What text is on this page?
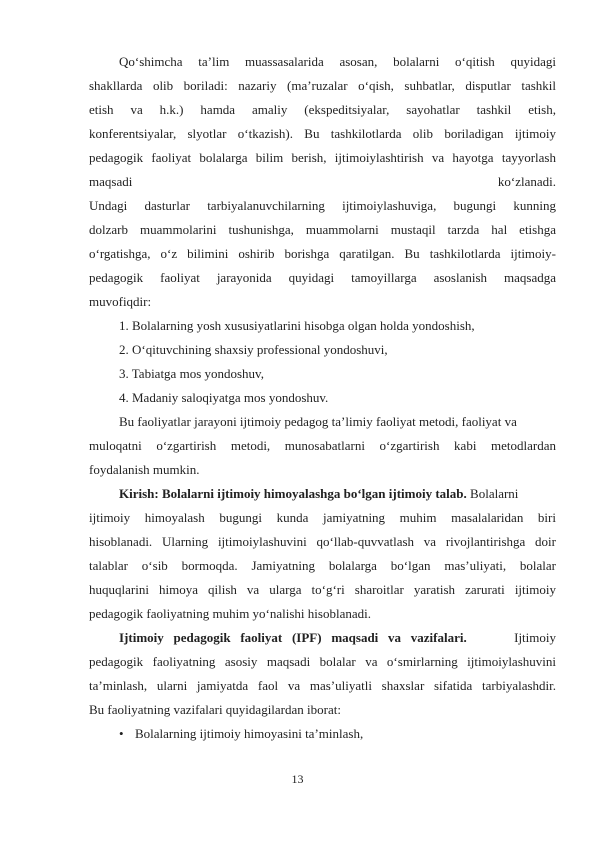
Qo‘shimcha ta’lim muassasalarida asosan, bolalarni o‘qitish quyidagi
shakllarda olib boriladi: nazariy (ma’ruzalar o‘qish, suhbatlar, disputlar tashkil
etish va h.k.) hamda amaliy (ekspeditsiyalar, sayohatlar tashkil etish,
konferentsiyalar, slyotlar o‘tkazish). Bu tashkilotlarda olib boriladigan ijtimoiy
pedagogik faoliyat bolalarga bilim berish, ijtimoiylashtirish va hayotga tayyorlash
maqsadi	ko‘zlanadi.
Undagi dasturlar tarbiyalanuvchilarning ijtimoiylashuviga, bugungi kunning
dolzarb muammolarini tushunishga, muammolarni mustaqil tarzda hal etishga
o‘rgatishga, o‘z bilimini oshirib borishga qaratilgan. Bu tashkilotlarda ijtimoiy-
pedagogik faoliyat jarayonida quyidagi tamoyillarga asoslanish maqsadga
muvofiqdir:
1. Bolalarning yosh xususiyatlarini hisobga olgan holda yondoshish,
2. O‘qituvchining shaxsiy professional yondoshuvi,
3. Tabiatga mos yondoshuv,
4. Madaniy saloqiyatga mos yondoshuv.
Bu faoliyatlar jarayoni ijtimoiy pedagog ta’limiy faoliyat metodi, faoliyat va
muloqatni o‘zgartirish metodi, munosabatlarni o‘zgartirish kabi metodlardan
foydalanish mumkin.
Kirish: Bolalarni ijtimoiy himoyalashga bo‘lgan ijtimoiy talab. Bolalarni
ijtimoiy himoyalash bugungi kunda jamiyatning muhim masalalaridan biri
hisoblanadi. Ularning ijtimoiylashuvini qo‘llab-quvvatlash va rivojlantirishga doir
talablar o‘sib bormoqda. Jamiyatning bolalarga bo‘lgan mas’uliyati, bolalar
huquqlarini himoya qilish va ularga to‘g‘ri sharoitlar yaratish zarurati ijtimoiy
pedagogik faoliyatning muhim yo‘nalishi hisoblanadi.
Ijtimoiy   pedagogik   faoliyat   (IPF)   maqsadi   va   vazifalari.	Ijtimoiy
pedagogik faoliyatning asosiy maqsadi bolalar va o‘smirlarning ijtimoiylashuvini
ta’minlash, ularni jamiyatda faol va mas’uliyatli shaxslar sifatida tarbiyalashdir.
Bu faoliyatning vazifalari quyidagilardan iborat:
• Bolalarning ijtimoiy himoyasini ta’minlash,
13
